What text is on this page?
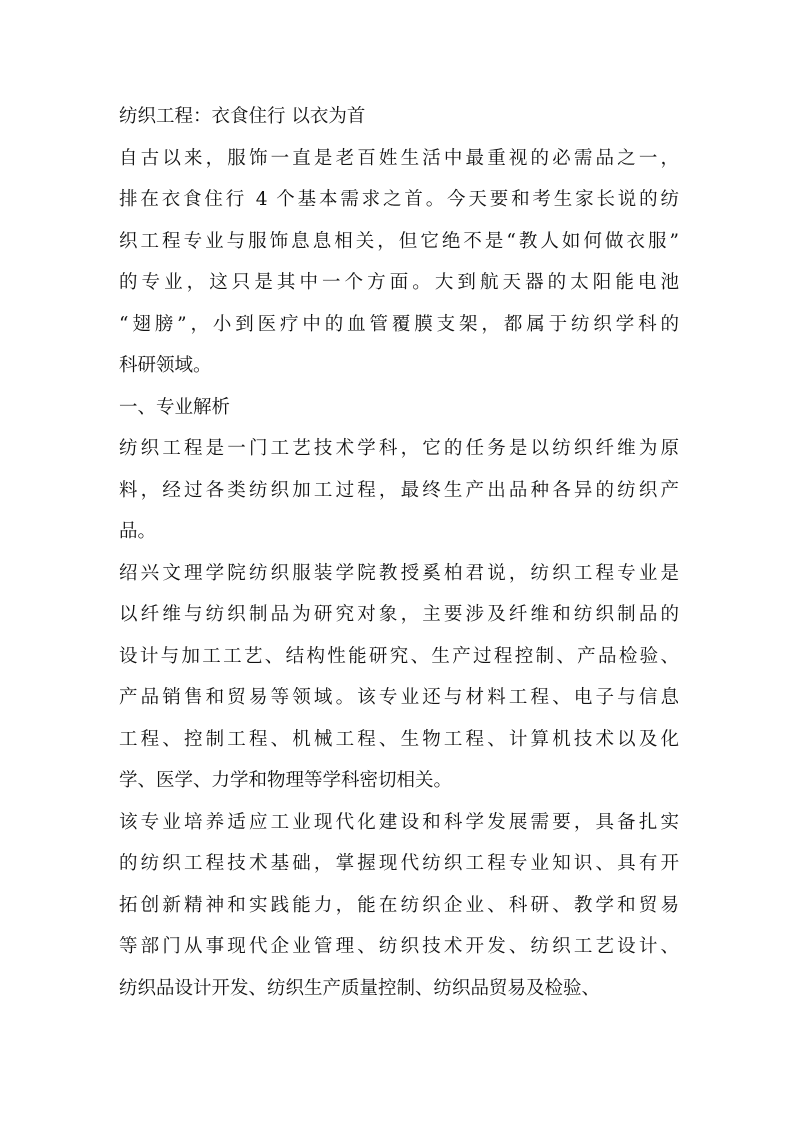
纺织工程：衣食住行 以衣为首
自古以来，服饰一直是老百姓生活中最重视的必需品之一，
排在衣食住行 4 个基本需求之首。今天要和考生家长说的纺
织工程专业与服饰息息相关，但它绝不是“教人如何做衣服”
的专业，这只是其中一个方面。大到航天器的太阳能电池
“翅膀”，小到医疗中的血管覆膜支架，都属于纺织学科的
科研领域。
一、专业解析
纺织工程是一门工艺技术学科，它的任务是以纺织纤维为原
料，经过各类纺织加工过程，最终生产出品种各异的纺织产
品。
绍兴文理学院纺织服装学院教授奚柏君说，纺织工程专业是
以纤维与纺织制品为研究对象，主要涉及纤维和纺织制品的
设计与加工工艺、结构性能研究、生产过程控制、产品检验、
产品销售和贸易等领域。该专业还与材料工程、电子与信息
工程、控制工程、机械工程、生物工程、计算机技术以及化
学、医学、力学和物理等学科密切相关。
该专业培养适应工业现代化建设和科学发展需要，具备扎实
的纺织工程技术基础，掌握现代纺织工程专业知识、具有开
拓创新精神和实践能力，能在纺织企业、科研、教学和贸易
等部门从事现代企业管理、纺织技术开发、纺织工艺设计、
纺织品设计开发、纺织生产质量控制、纺织品贸易及检验、
